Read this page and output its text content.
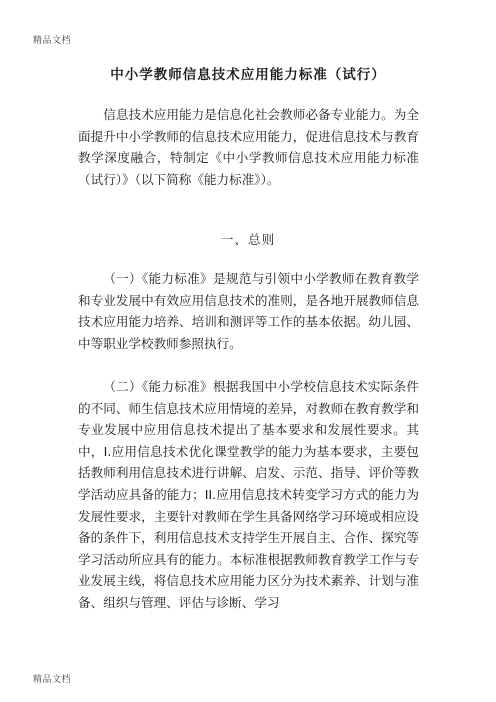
精品文档
中小学教师信息技术应用能力标准（试行）

信息技术应用能力是信息化社会教师必备专业能力。为全面提升中小学教师的信息技术应用能力，促进信息技术与教育教学深度融合，特制定《中小学教师信息技术应用能力标准（试行）》（以下简称《能力标准》）。

一、总则

（一）《能力标准》是规范与引领中小学教师在教育教学和专业发展中有效应用信息技术的准则，是各地开展教师信息技术应用能力培养、培训和测评等工作的基本依据。幼儿园、中等职业学校教师参照执行。

（二）《能力标准》根据我国中小学校信息技术实际条件的不同、师生信息技术应用情境的差异，对教师在教育教学和专业发展中应用信息技术提出了基本要求和发展性要求。其中，I.应用信息技术优化课堂教学的能力为基本要求，主要包括教师利用信息技术进行讲解、启发、示范、指导、评价等教学活动应具备的能力；II.应用信息技术转变学习方式的能力为发展性要求，主要针对教师在学生具备网络学习环境或相应设备的条件下，利用信息技术支持学生开展自主、合作、探究等学习活动所应具有的能力。本标准根据教师教育教学工作与专业发展主线，将信息技术应用能力区分为技术素养、计划与准备、组织与管理、评估与诊断、学习

精品文档
